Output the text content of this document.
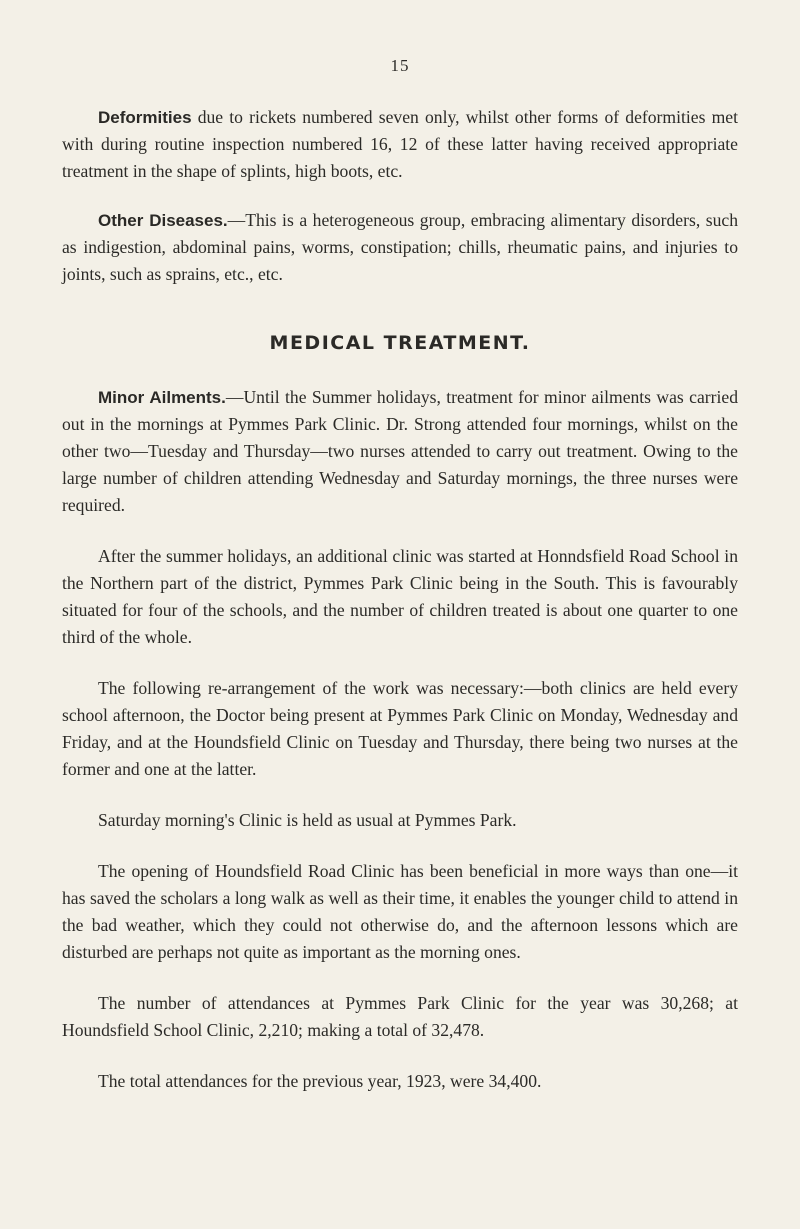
15

Deformities due to rickets numbered seven only, whilst other forms of deformities met with during routine inspection numbered 16, 12 of these latter having received appropriate treatment in the shape of splints, high boots, etc.

Other Diseases.—This is a heterogeneous group, embracing alimentary disorders, such as indigestion, abdominal pains, worms, constipation; chills, rheumatic pains, and injuries to joints, such as sprains, etc., etc.

MEDICAL TREATMENT.

Minor Ailments.—Until the Summer holidays, treatment for minor ailments was carried out in the mornings at Pymmes Park Clinic. Dr. Strong attended four mornings, whilst on the other two—Tuesday and Thursday—two nurses attended to carry out treatment. Owing to the large number of children attending Wednesday and Saturday mornings, the three nurses were required.

After the summer holidays, an additional clinic was started at Honndsfield Road School in the Northern part of the district, Pymmes Park Clinic being in the South. This is favourably situated for four of the schools, and the number of children treated is about one quarter to one third of the whole.

The following re-arrangement of the work was necessary:—both clinics are held every school afternoon, the Doctor being present at Pymmes Park Clinic on Monday, Wednesday and Friday, and at the Houndsfield Clinic on Tuesday and Thursday, there being two nurses at the former and one at the latter.

Saturday morning's Clinic is held as usual at Pymmes Park.

The opening of Houndsfield Road Clinic has been beneficial in more ways than one—it has saved the scholars a long walk as well as their time, it enables the younger child to attend in the bad weather, which they could not otherwise do, and the afternoon lessons which are disturbed are perhaps not quite as important as the morning ones.

The number of attendances at Pymmes Park Clinic for the year was 30,268; at Houndsfield School Clinic, 2,210; making a total of 32,478.

The total attendances for the previous year, 1923, were 34,400.
